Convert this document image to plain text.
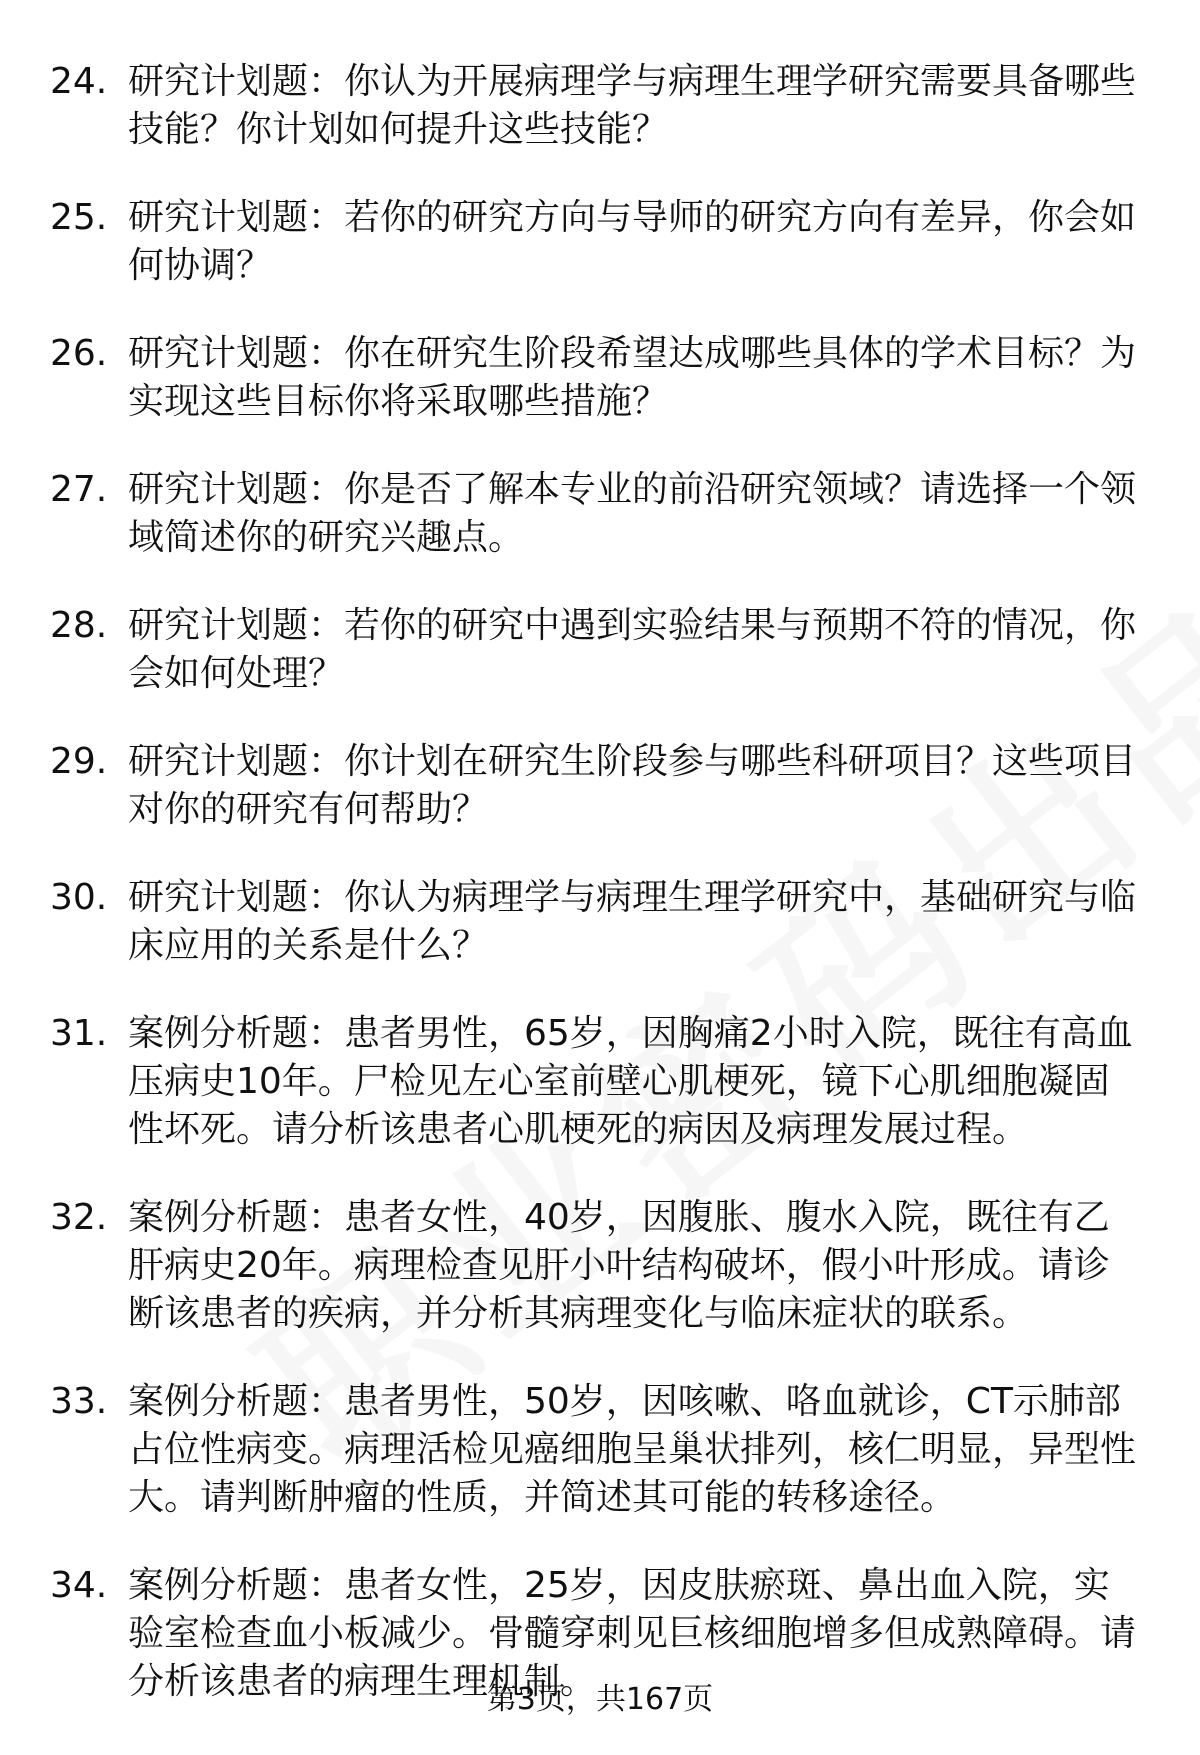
24. 研究计划题：你认为开展病理学与病理生理学研究需要具备哪些技能？你计划如何提升这些技能？
25. 研究计划题：若你的研究方向与导师的研究方向有差异，你会如何协调？
26. 研究计划题：你在研究生阶段希望达成哪些具体的学术目标？为实现这些目标你将采取哪些措施？
27. 研究计划题：你是否了解本专业的前沿研究领域？请选择一个领域简述你的研究兴趣点。
28. 研究计划题：若你的研究中遇到实验结果与预期不符的情况，你会如何处理？
29. 研究计划题：你计划在研究生阶段参与哪些科研项目？这些项目对你的研究有何帮助？
30. 研究计划题：你认为病理学与病理生理学研究中，基础研究与临床应用的关系是什么？
31. 案例分析题：患者男性，65岁，因胸痛2小时入院，既往有高血压病史10年。尸检见左心室前壁心肌梗死，镜下心肌细胞凝固性坏死。请分析该患者心肌梗死的病因及病理发展过程。
32. 案例分析题：患者女性，40岁，因腹胀、腹水入院，既往有乙肝病史20年。病理检查见肝小叶结构破坏，假小叶形成。请诊断该患者的疾病，并分析其病理变化与临床症状的联系。
33. 案例分析题：患者男性，50岁，因咳嗽、咯血就诊，CT示肺部占位性病变。病理活检见癌细胞呈巢状排列，核仁明显，异型性大。请判断肿瘤的性质，并简述其可能的转移途径。
34. 案例分析题：患者女性，25岁，因皮肤瘀斑、鼻出血入院，实验室检查血小板减少。骨髓穿刺见巨核细胞增多但成熟障碍。请分析该患者的病理生理机制。
第3页，共167页
